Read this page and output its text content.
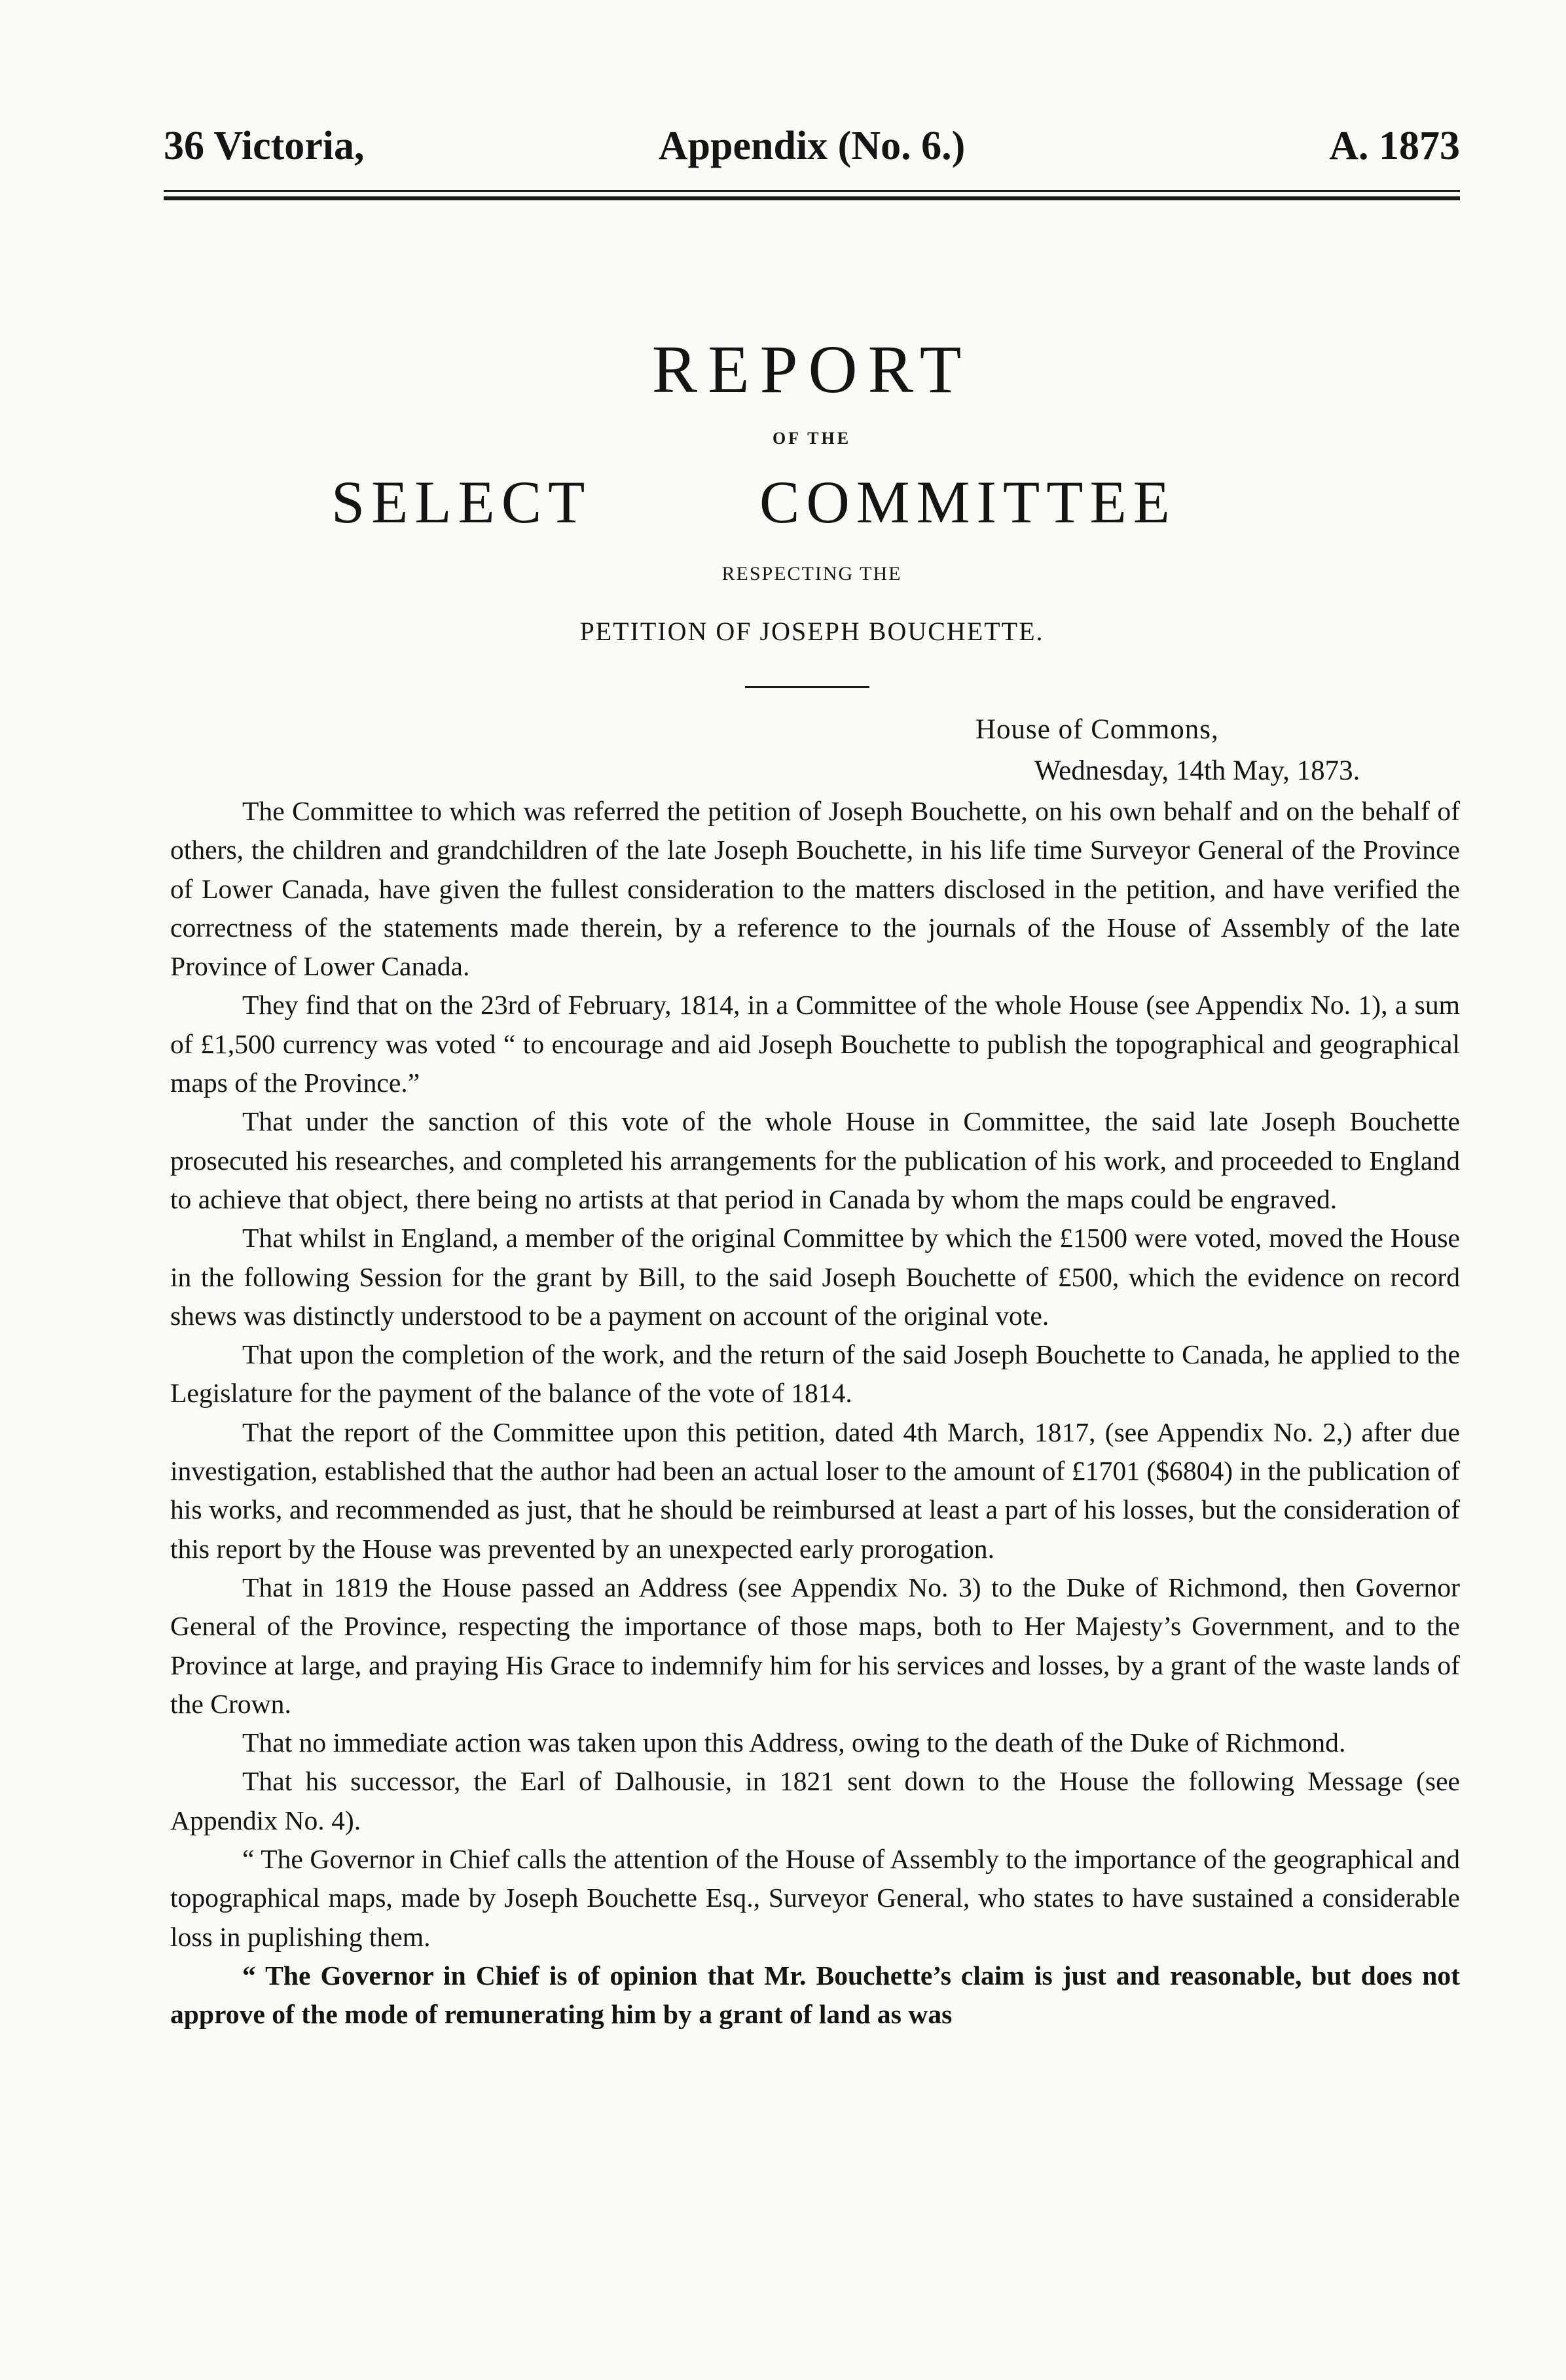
36 Victoria,	Appendix (No. 6.)	A. 1873
REPORT
OF THE
SELECT	COMMITTEE
RESPECTING THE
PETITION OF JOSEPH BOUCHETTE.
House of Commons,
Wednesday, 14th May, 1873.

The Committee to which was referred the petition of Joseph Bouchette, on his own behalf and on the behalf of others, the children and grandchildren of the late Joseph Bouchette, in his life time Surveyor General of the Province of Lower Canada, have given the fullest consideration to the matters disclosed in the petition, and have verified the correctness of the statements made therein, by a reference to the journals of the House of Assembly of the late Province of Lower Canada.

They find that on the 23rd of February, 1814, in a Committee of the whole House (see Appendix No. 1), a sum of £1,500 currency was voted “ to encourage and aid Joseph Bouchette to publish the topographical and geographical maps of the Province.”

That under the sanction of this vote of the whole House in Committee, the said late Joseph Bouchette prosecuted his researches, and completed his arrangements for the publication of his work, and proceeded to England to achieve that object, there being no artists at that period in Canada by whom the maps could be engraved.

That whilst in England, a member of the original Committee by which the £1500 were voted, moved the House in the following Session for the grant by Bill, to the said Joseph Bouchette of £500, which the evidence on record shews was distinctly understood to be a payment on account of the original vote.

That upon the completion of the work, and the return of the said Joseph Bouchette to Canada, he applied to the Legislature for the payment of the balance of the vote of 1814.

That the report of the Committee upon this petition, dated 4th March, 1817, (see Appendix No. 2,) after due investigation, established that the author had been an actual loser to the amount of £1701 ($6804) in the publication of his works, and recommended as just, that he should be reimbursed at least a part of his losses, but the consideration of this report by the House was prevented by an unexpected early prorogation.

That in 1819 the House passed an Address (see Appendix No. 3) to the Duke of Richmond, then Governor General of the Province, respecting the importance of those maps, both to Her Majesty’s Government, and to the Province at large, and praying His Grace to indemnify him for his services and losses, by a grant of the waste lands of the Crown.

That no immediate action was taken upon this Address, owing to the death of the Duke of Richmond.

That his successor, the Earl of Dalhousie, in 1821 sent down to the House the following Message (see Appendix No. 4).

“ The Governor in Chief calls the attention of the House of Assembly to the importance of the geographical and topographical maps, made by Joseph Bouchette Esq., Surveyor General, who states to have sustained a considerable loss in puplishing them.

“ The Governor in Chief is of opinion that Mr. Bouchette’s claim is just and reasonable, but does not approve of the mode of remunerating him by a grant of land as was
